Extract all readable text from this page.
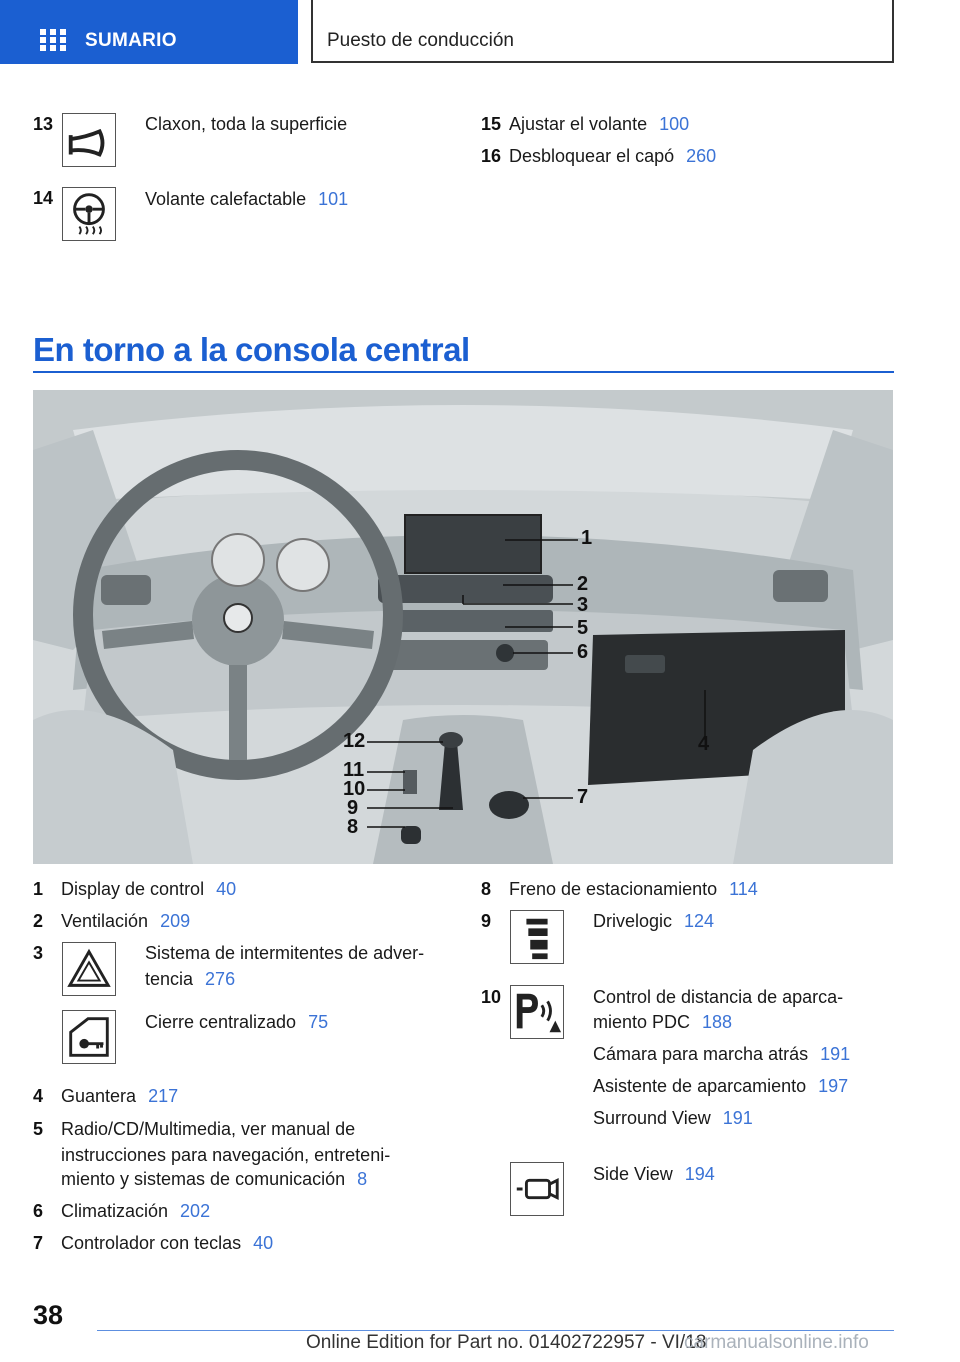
SUMARIO	Puesto de conducción
13	Claxon, toda la superficie
14	Volante calefactable 101
15 Ajustar el volante 100
16 Desbloquear el capó 260
En torno a la consola central
1
2
3
5
6
4
12
11
10
9
8
7
1 Display de control 40
2 Ventilación 209
3	Sistema de intermitentes de adver-
tencia 276
Cierre centralizado 75
4 Guantera 217
5 Radio/CD/Multimedia, ver manual de
instrucciones para navegación, entreteni-
miento y sistemas de comunicación 8
6 Climatización 202
7 Controlador con teclas 40
8 Freno de estacionamiento 114
9	Drivelogic 124
10	Control de distancia de aparca-
miento PDC 188
Cámara para marcha atrás 191
Asistente de aparcamiento 197
Surround View 191
Side View 194
38
Online Edition for Part no. 01402722957 - VI/18
carmanualsonline.info
